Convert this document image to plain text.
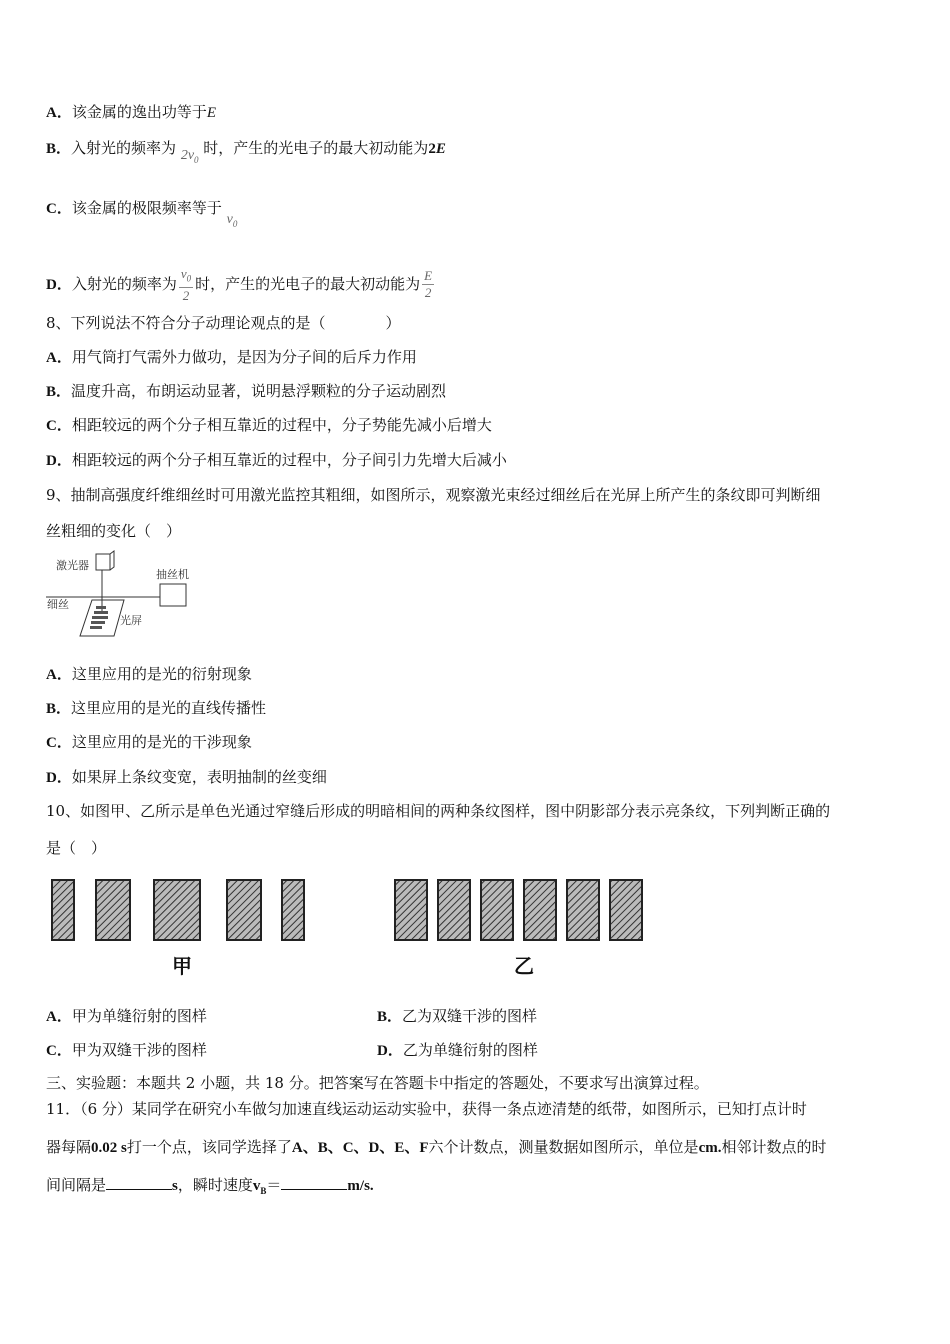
A．该金属的逸出功等于E
B．入射光的频率为 $2\nu_0$ 时，产生的光电子的最大初动能为2E
C．该金属的极限频率等于 $\nu_0$
D．入射光的频率为 $\frac{\nu_0}{2}$ 时，产生的光电子的最大初动能为 $\frac{E}{2}$
8、下列说法不符合分子动理论观点的是（　　　　）
A．用气筒打气需外力做功，是因为分子间的后斥力作用
B．温度升高，布朗运动显著，说明悬浮颗粒的分子运动剧烈
C．相距较远的两个分子相互靠近的过程中，分子势能先减小后增大
D．相距较远的两个分子相互靠近的过程中，分子间引力先增大后减小
9、抽制高强度纤维细丝时可用激光监控其粗细，如图所示，观察激光束经过细丝后在光屏上所产生的条纹即可判断细
丝粗细的变化（　）
激光器
抽丝机
细丝
光屏
A．这里应用的是光的衍射现象
B．这里应用的是光的直线传播性
C．这里应用的是光的干涉现象
D．如果屏上条纹变宽，表明抽制的丝变细
10、如图甲、乙所示是单色光通过窄缝后形成的明暗相间的两种条纹图样，图中阴影部分表示亮条纹，下列判断正确的
是（　）
甲	乙
A．甲为单缝衍射的图样	B．乙为双缝干涉的图样
C．甲为双缝干涉的图样	D．乙为单缝衍射的图样
三、实验题：本题共 2 小题，共 18 分。把答案写在答题卡中指定的答题处，不要求写出演算过程。
11．（6 分）某同学在研究小车做匀加速直线运动运动实验中，获得一条点迹清楚的纸带，如图所示，已知打点计时
器每隔0.02 s打一个点，该同学选择了A、B、C、D、E、F六个计数点，测量数据如图所示，单位是cm.相邻计数点的时
间间隔是	s，瞬时速度$v_B=$	m/s.
